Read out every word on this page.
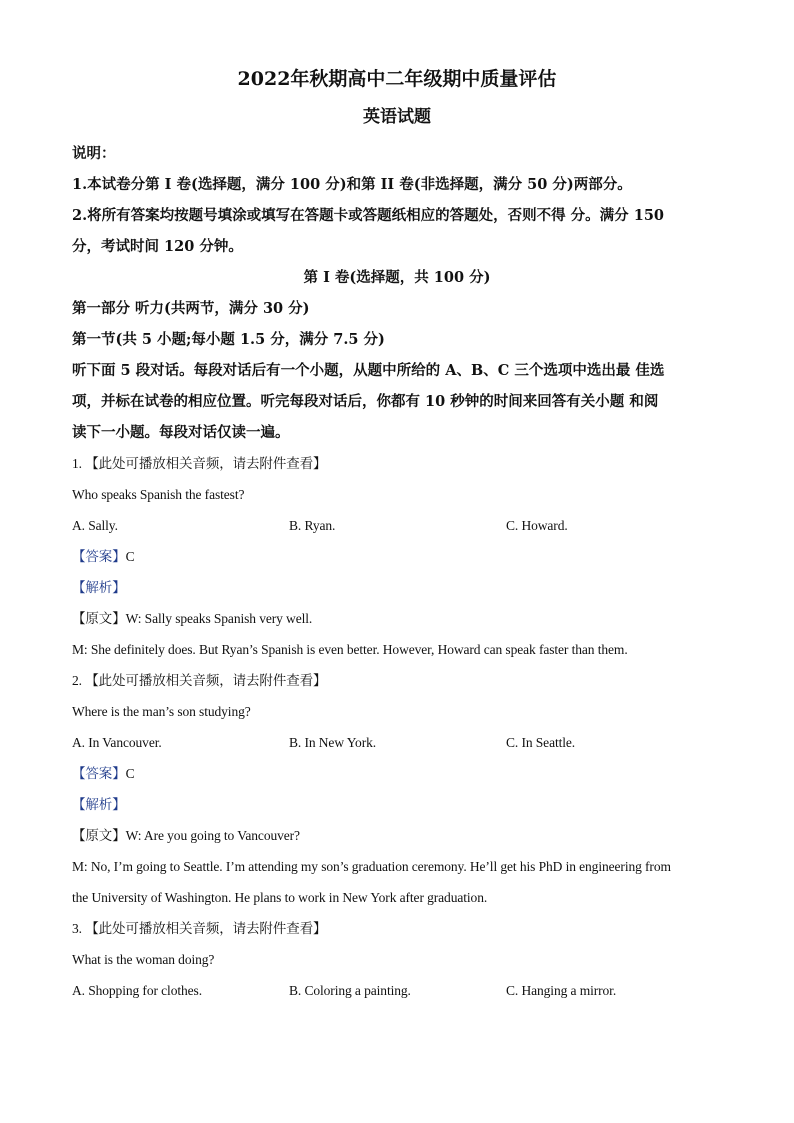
2022年秋期高中二年级期中质量评估
英语试题

说明：

1.本试卷分第 I 卷(选择题，满分 100 分)和第 II 卷(非选择题，满分 50 分)两部分。

2.将所有答案均按题号填涂或填写在答题卡或答题纸相应的答题处，否则不得 分。满分 150

分，考试时间 120 分钟。

第 I 卷(选择题，共 100 分)

第一部分 听力(共两节，满分 30 分)

第一节(共 5 小题;每小题 1.5 分，满分 7.5 分)

听下面 5 段对话。每段对话后有一个小题，从题中所给的 A、B、C 三个选项中选出最 佳选

项，并标在试卷的相应位置。听完每段对话后，你都有 10 秒钟的时间来回答有关小题 和阅

读下一小题。每段对话仅读一遍。

1. 【此处可播放相关音频，请去附件查看】

Who speaks Spanish the fastest?

A. Sally.	B. Ryan.	C. Howard.

【答案】C

【解析】

【原文】W: Sally speaks Spanish very well.

M: She definitely does. But Ryan’s Spanish is even better. However, Howard can speak faster than them.

2. 【此处可播放相关音频，请去附件查看】

Where is the man’s son studying?

A. In Vancouver.	B. In New York.	C. In Seattle.

【答案】C

【解析】

【原文】W: Are you going to Vancouver?

M: No, I’m going to Seattle. I’m attending my son’s graduation ceremony. He’ll get his PhD in engineering from

the University of Washington. He plans to work in New York after graduation.

3. 【此处可播放相关音频，请去附件查看】

What is the woman doing?

A. Shopping for clothes.	B. Coloring a painting.	C. Hanging a mirror.
